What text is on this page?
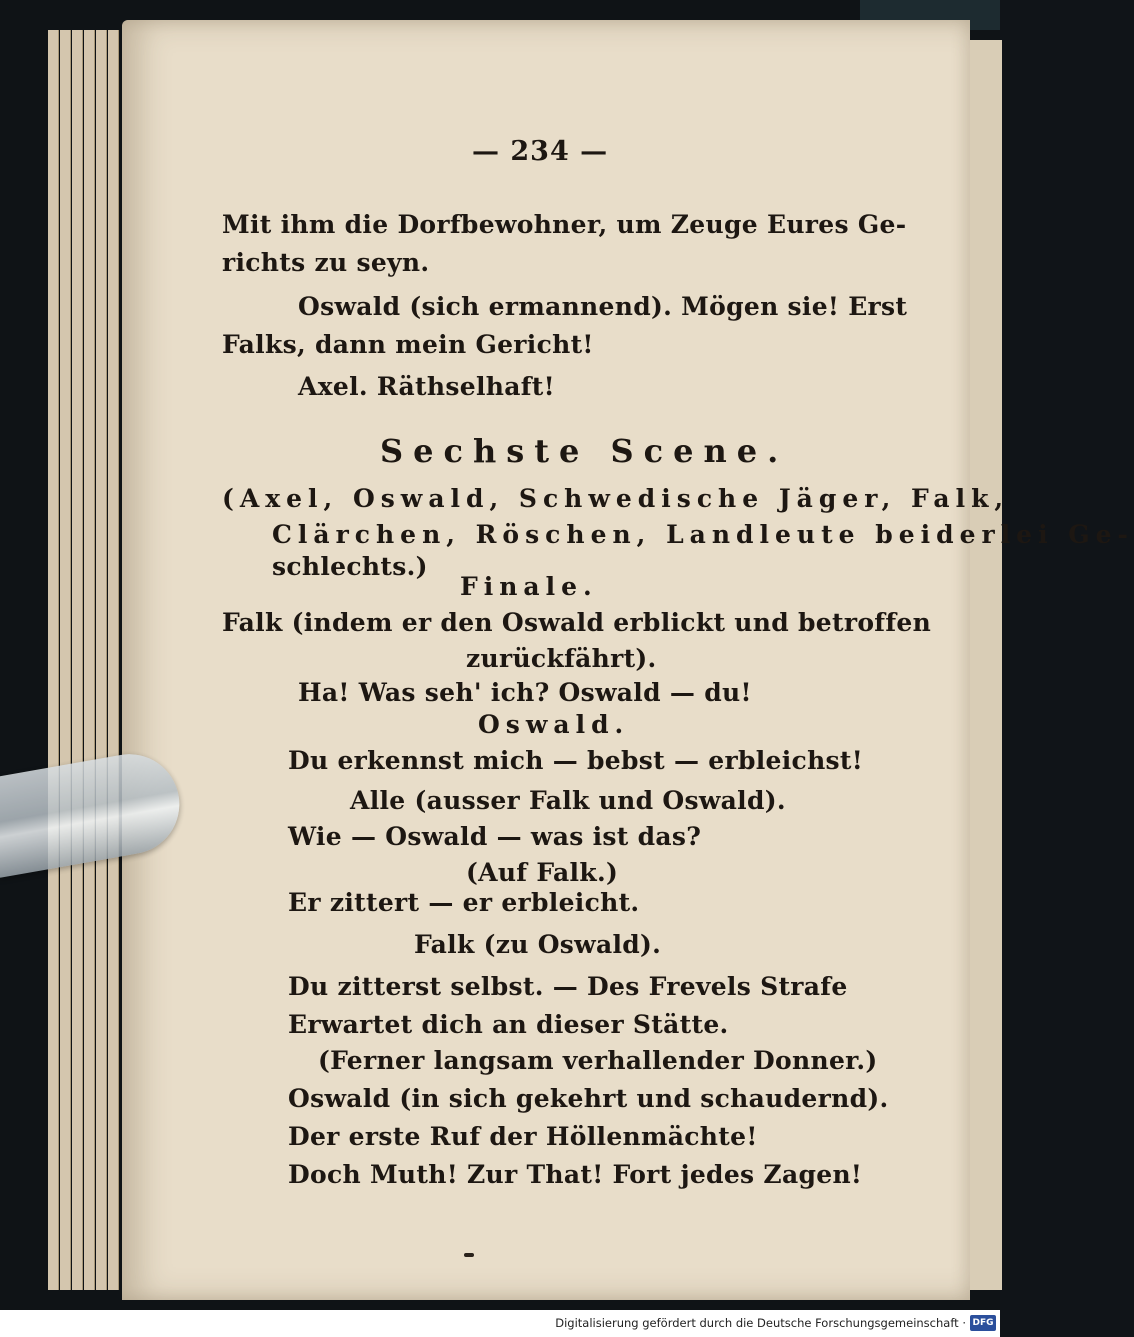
— 234 —
Mit ihm die Dorfbewohner, um Zeuge Eures Ge-
richts zu seyn.
Oswald (sich ermannend). Mögen sie! Erst
Falks, dann mein Gericht!
Axel. Räthselhaft!
Sechste Scene.
(Axel, Oswald, Schwedische Jäger, Falk,
Clärchen, Röschen, Landleute beiderlei Ge-
schlechts.)
Finale.
Falk (indem er den Oswald erblickt und betroffen
zurückfährt).
Ha! Was seh' ich? Oswald — du!
Oswald.
Du erkennst mich — bebst — erbleichst!
Alle (ausser Falk und Oswald).
Wie — Oswald — was ist das?
(Auf Falk.)
Er zittert — er erbleicht.
Falk (zu Oswald).
Du zitterst selbst. — Des Frevels Strafe
Erwartet dich an dieser Stätte.
(Ferner langsam verhallender Donner.)
Oswald (in sich gekehrt und schaudernd).
Der erste Ruf der Höllenmächte!
Doch Muth! Zur That! Fort jedes Zagen!
Digitalisierung gefördert durch die Deutsche Forschungsgemeinschaft · DFG
